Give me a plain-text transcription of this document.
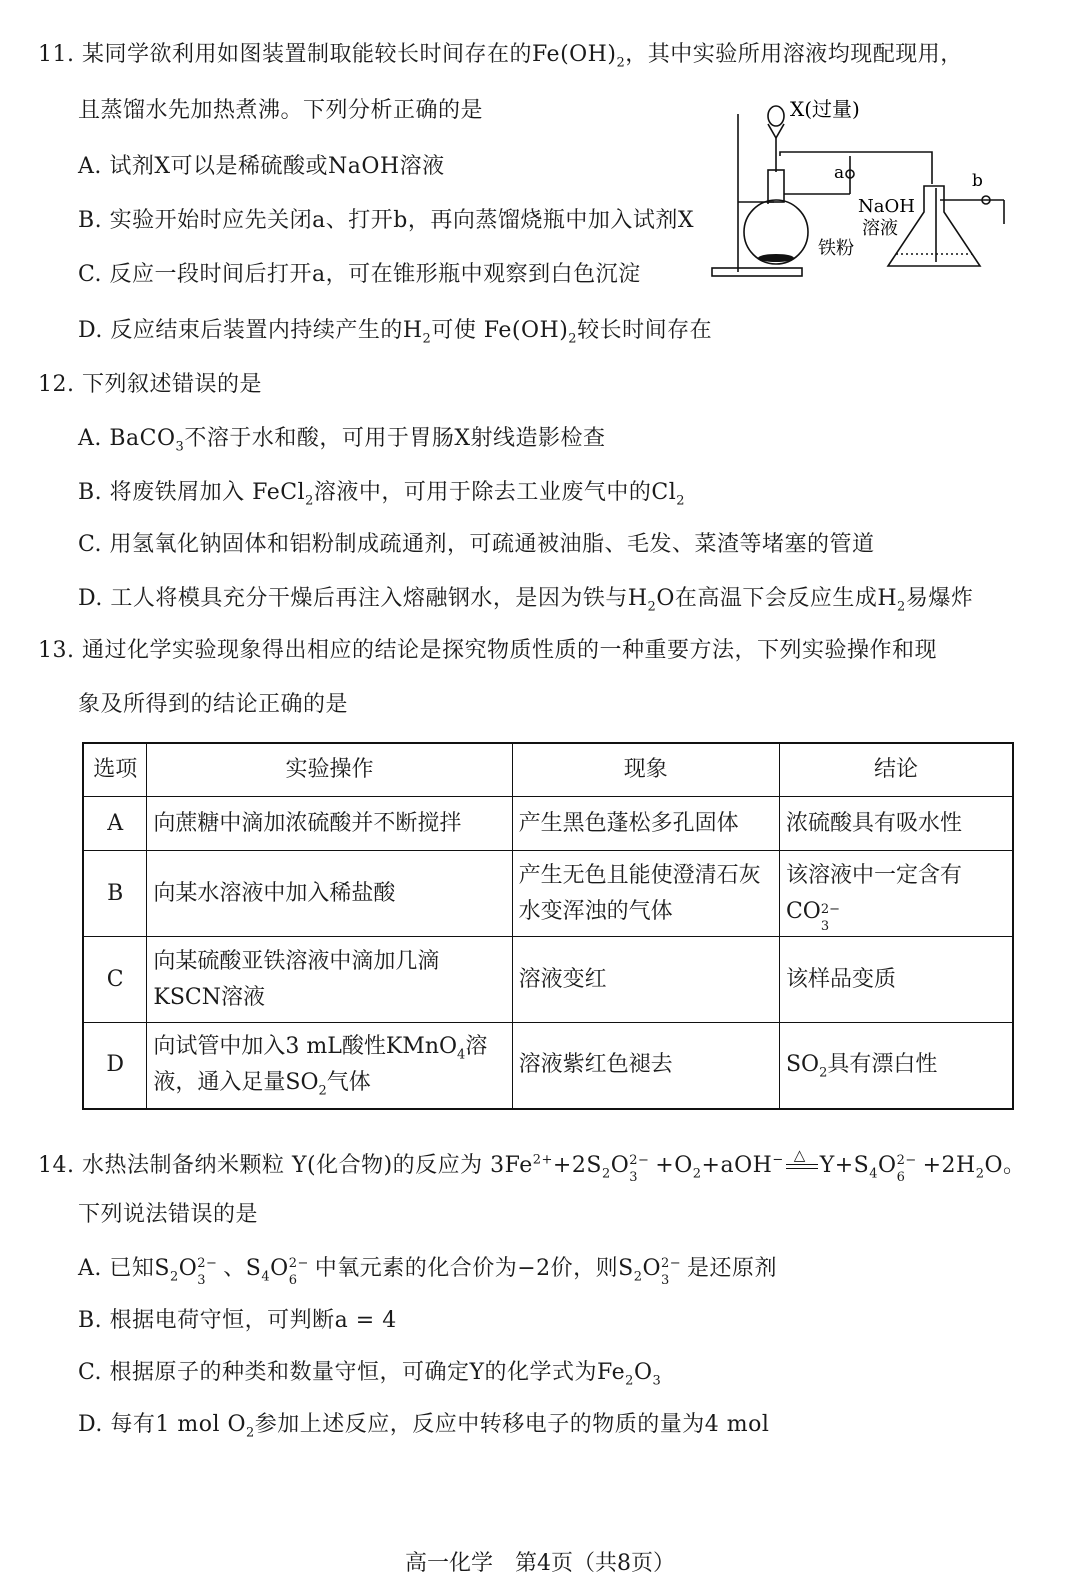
11. 某同学欲利用如图装置制取能较长时间存在的$Fe(OH)_2$，其中实验所用溶液均现配现用，
且蒸馏水先加热煮沸。下列分析正确的是
A. 试剂X可以是稀硫酸或NaOH溶液
B. 实验开始时应先关闭a、打开b，再向蒸馏烧瓶中加入试剂X
C. 反应一段时间后打开a，可在锥形瓶中观察到白色沉淀
D. 反应结束后装置内持续产生的$H_2$可使 $Fe(OH)_2$较长时间存在
X(过量)
a	b
NaOH
溶液
铁粉
12. 下列叙述错误的是
A. BaCO$_3$不溶于水和酸，可用于胃肠X射线造影检查
B. 将废铁屑加入 FeCl$_2$溶液中，可用于除去工业废气中的$Cl_2$
C. 用氢氧化钠固体和铝粉制成疏通剂，可疏通被油脂、毛发、菜渣等堵塞的管道
D. 工人将模具充分干燥后再注入熔融钢水，是因为铁与$H_2O$在高温下会反应生成$H_2$易爆炸
13. 通过化学实验现象得出相应的结论是探究物质性质的一种重要方法，下列实验操作和现
象及所得到的结论正确的是
选项	实验操作	现象	结论
A	向蔗糖中滴加浓硫酸并不断搅拌	产生黑色蓬松多孔固体	浓硫酸具有吸水性
B	向某水溶液中加入稀盐酸	产生无色且能使澄清石灰水变浑浊的气体	该溶液中一定含有
CO 2−
3

C	向某硫酸亚铁溶液中滴加几滴KSCN溶液	溶液变红	该样品变质
D	向试管中加入3 mL酸性KMnO$_4$溶液，通入足量$SO_2$气体	溶液紫红色褪去	$SO_2$具有漂白性
14. 水热法制备纳米颗粒 Y(化合物)的反应为 $3Fe^{2+}+2S_2O$ 2−
$3 +O_2+aOH^-$ △ $Y+S_4O$ 2−
$6 +2H_2O$。
下列说法错误的是
A. 已知$S_2O$ 2−
3 、$S_4O$ 2−
6 中氧元素的化合价为−2价，则$S_2O$ 2−
3 是还原剂
B. 根据电荷守恒，可判断a = 4
C. 根据原子的种类和数量守恒，可确定Y的化学式为$Fe_2O_3$
D. 每有1 mol $O_2$参加上述反应，反应中转移电子的物质的量为4 mol
高一化学　第4页（共8页）
